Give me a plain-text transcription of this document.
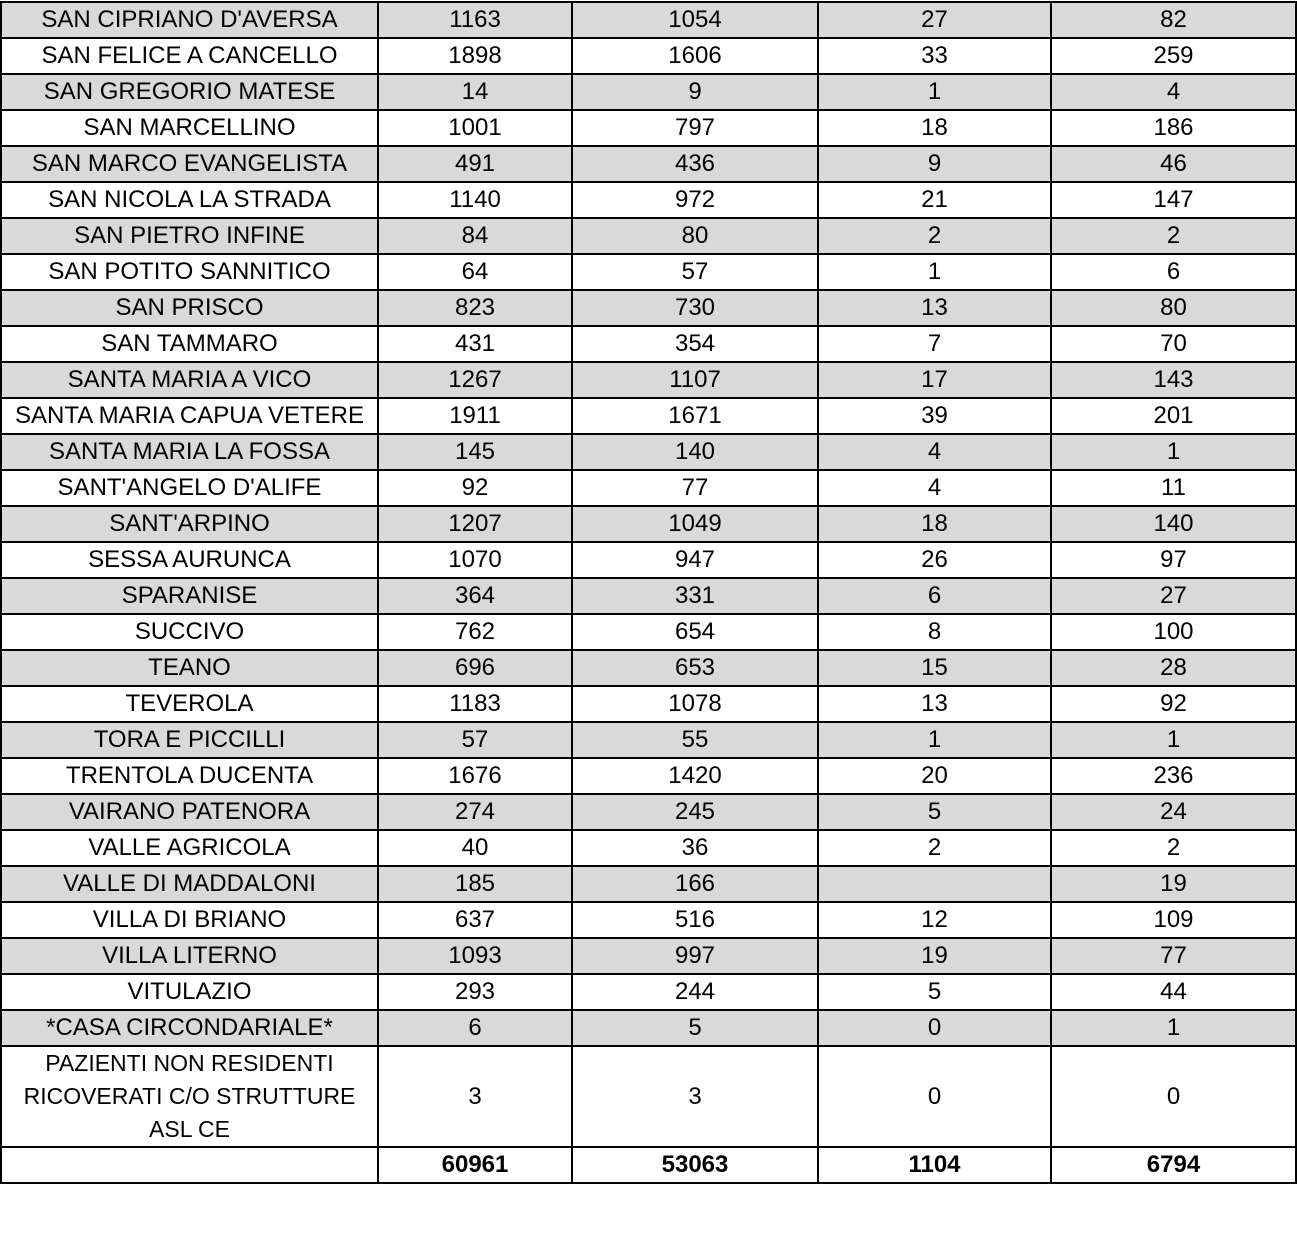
SAN CIPRIANO D'AVERSA	1163	1054	27	82
SAN FELICE A CANCELLO	1898	1606	33	259
SAN GREGORIO MATESE	14	9	1	4
SAN MARCELLINO	1001	797	18	186
SAN MARCO EVANGELISTA	491	436	9	46
SAN NICOLA LA STRADA	1140	972	21	147
SAN PIETRO INFINE	84	80	2	2
SAN POTITO SANNITICO	64	57	1	6
SAN PRISCO	823	730	13	80
SAN TAMMARO	431	354	7	70
SANTA MARIA A VICO	1267	1107	17	143
SANTA MARIA CAPUA VETERE	1911	1671	39	201
SANTA MARIA LA FOSSA	145	140	4	1
SANT'ANGELO D'ALIFE	92	77	4	11
SANT'ARPINO	1207	1049	18	140
SESSA AURUNCA	1070	947	26	97
SPARANISE	364	331	6	27
SUCCIVO	762	654	8	100
TEANO	696	653	15	28
TEVEROLA	1183	1078	13	92
TORA E PICCILLI	57	55	1	1
TRENTOLA DUCENTA	1676	1420	20	236
VAIRANO PATENORA	274	245	5	24
VALLE AGRICOLA	40	36	2	2
VALLE DI MADDALONI	185	166		19
VILLA DI BRIANO	637	516	12	109
VILLA LITERNO	1093	997	19	77
VITULAZIO	293	244	5	44
*CASA CIRCONDARIALE*	6	5	0	1
PAZIENTI NON RESIDENTI RICOVERATI C/O STRUTTURE ASL CE	3	3	0	0
	60961	53063	1104	6794
